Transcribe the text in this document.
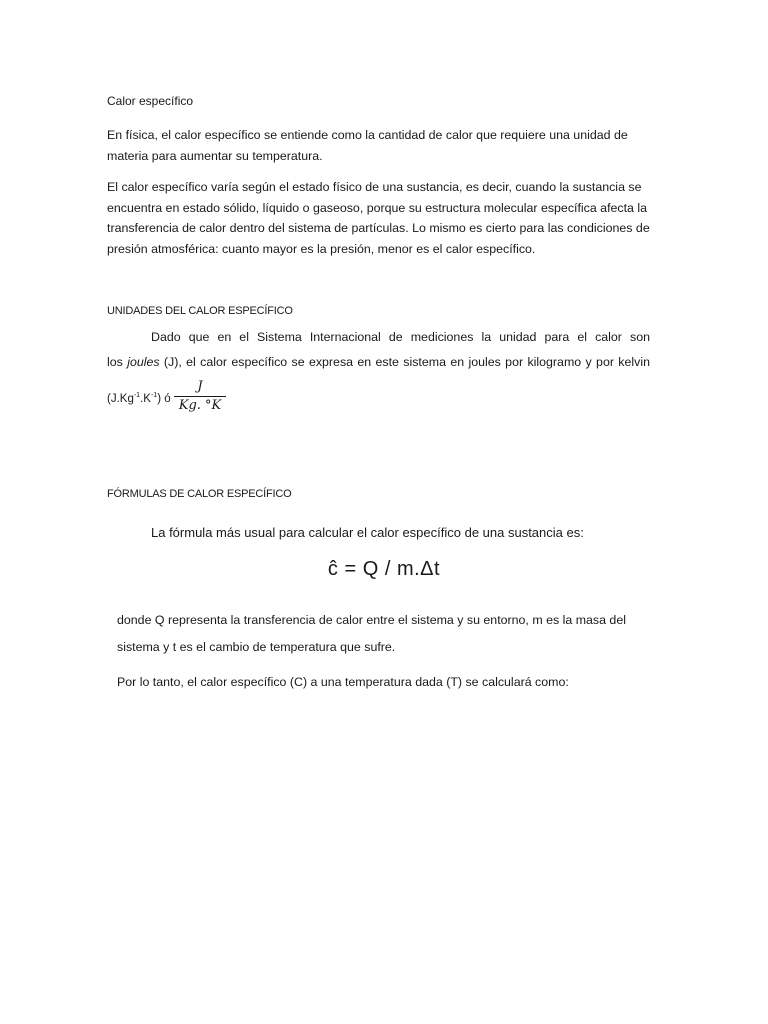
Calor específico
En física, el calor específico se entiende como la cantidad de calor que requiere una unidad de
materia para aumentar su temperatura.
El calor específico varía según el estado físico de una sustancia, es decir, cuando la sustancia se
encuentra en estado sólido, líquido o gaseoso, porque su estructura molecular específica afecta la
transferencia de calor dentro del sistema de partículas. Lo mismo es cierto para las condiciones de
presión atmosférica: cuanto mayor es la presión, menor es el calor específico.
UNIDADES DEL CALOR ESPECÍFICO
Dado que en el Sistema Internacional de mediciones la unidad para el calor son
los joules (J), el calor específico se expresa en este sistema en joules por kilogramo y por kelvin
$(J.Kg^{-1}.K^{-1})$ ó
J
Kg. °K
FÓRMULAS DE CALOR ESPECÍFICO
La fórmula más usual para calcular el calor específico de una sustancia es:
ĉ = Q / m.Δt
donde Q representa la transferencia de calor entre el sistema y su entorno, m es la masa del
sistema y t es el cambio de temperatura que sufre.
Por lo tanto, el calor específico (C) a una temperatura dada (T) se calculará como:
